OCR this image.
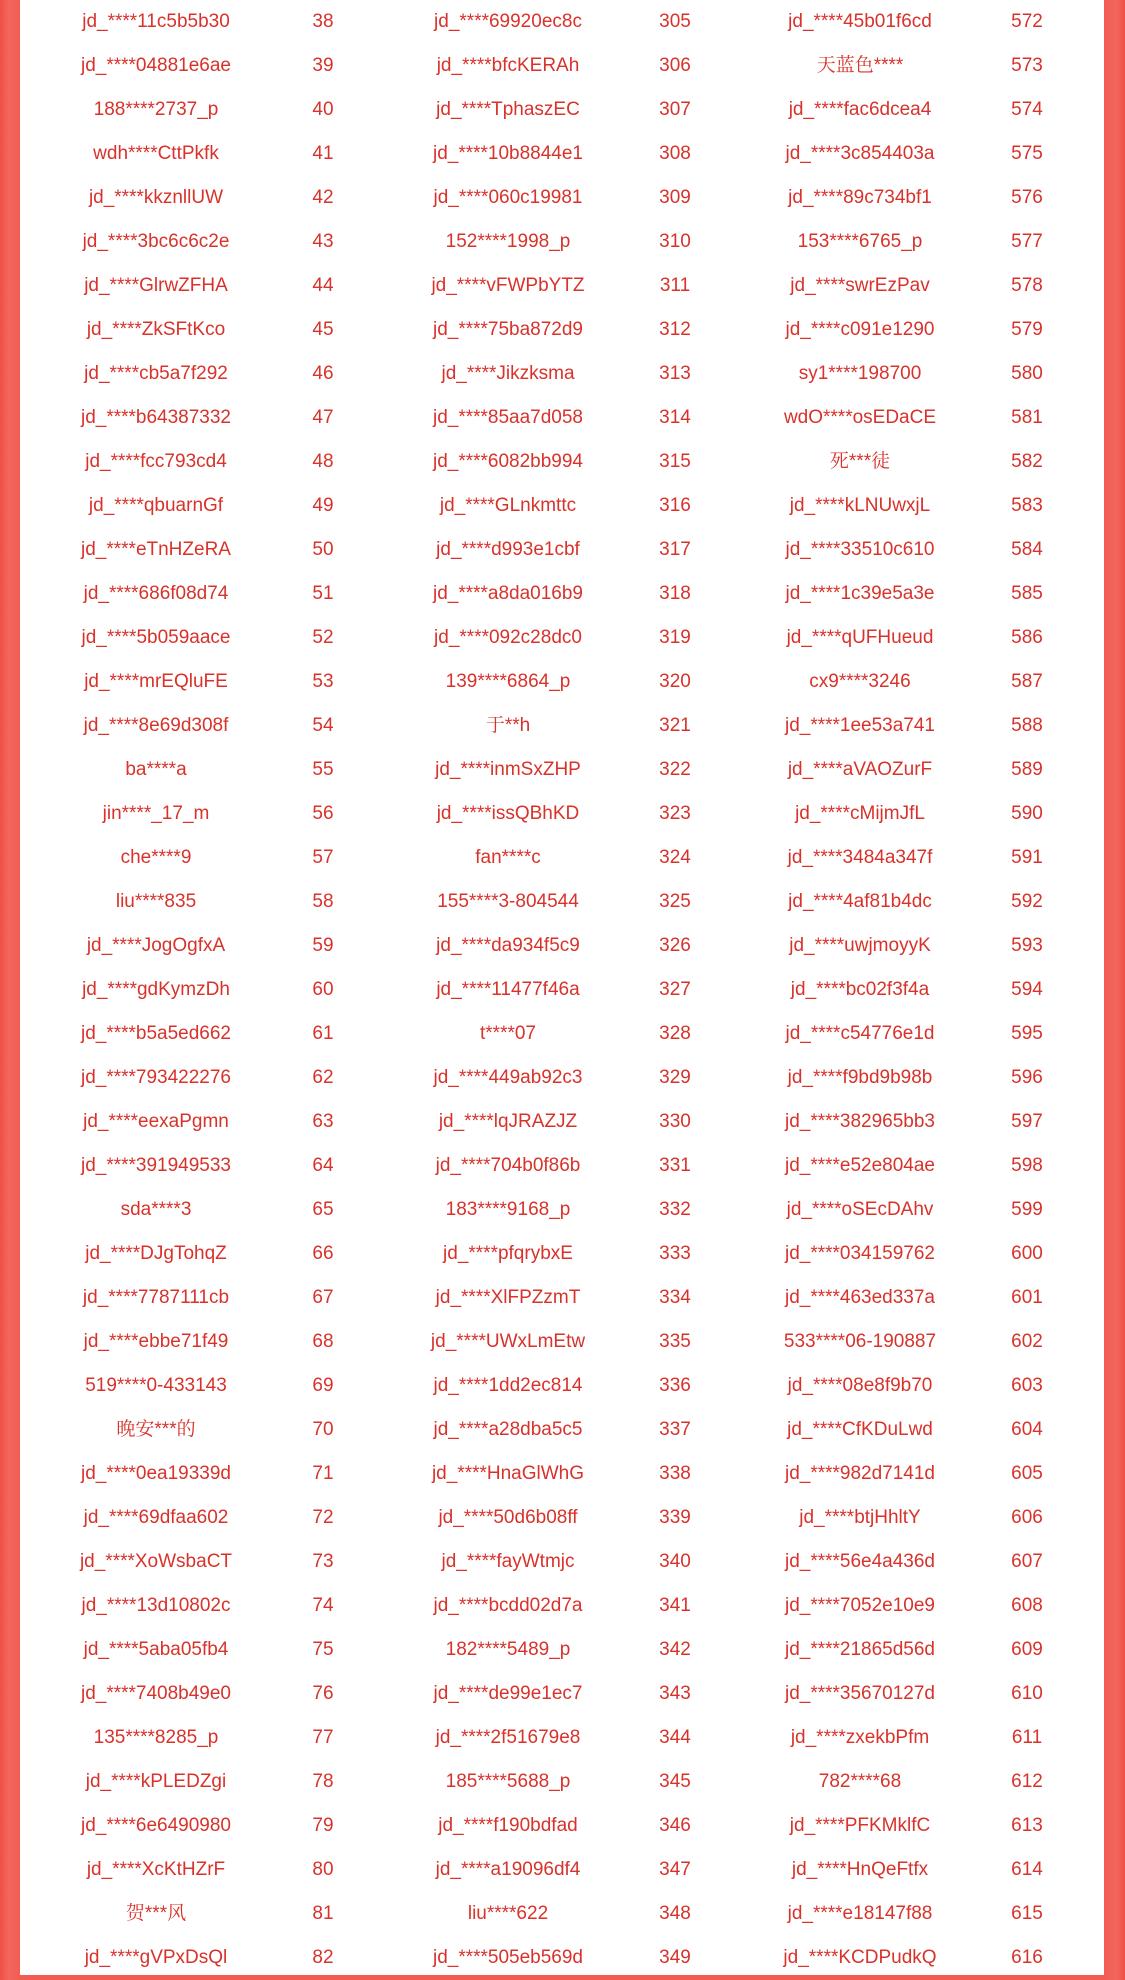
jd_****11c5b5b30	38	jd_****69920ec8c	305	jd_****45b01f6cd	572
jd_****04881e6ae	39	jd_****bfcKERAh	306	天蓝色****	573
188****2737_p	40	jd_****TphaszEC	307	jd_****fac6dcea4	574
wdh****CttPkfk	41	jd_****10b8844e1	308	jd_****3c854403a	575
jd_****kkznllUW	42	jd_****060c19981	309	jd_****89c734bf1	576
jd_****3bc6c6c2e	43	152****1998_p	310	153****6765_p	577
jd_****GlrwZFHA	44	jd_****vFWPbYTZ	311	jd_****swrEzPav	578
jd_****ZkSFtKco	45	jd_****75ba872d9	312	jd_****c091e1290	579
jd_****cb5a7f292	46	jd_****Jikzksma	313	sy1****198700	580
jd_****b64387332	47	jd_****85aa7d058	314	wdO****osEDaCE	581
jd_****fcc793cd4	48	jd_****6082bb994	315	死***徒	582
jd_****qbuarnGf	49	jd_****GLnkmttc	316	jd_****kLNUwxjL	583
jd_****eTnHZeRA	50	jd_****d993e1cbf	317	jd_****33510c610	584
jd_****686f08d74	51	jd_****a8da016b9	318	jd_****1c39e5a3e	585
jd_****5b059aace	52	jd_****092c28dc0	319	jd_****qUFHueud	586
jd_****mrEQluFE	53	139****6864_p	320	cx9****3246	587
jd_****8e69d308f	54	于**h	321	jd_****1ee53a741	588
ba****a	55	jd_****inmSxZHP	322	jd_****aVAOZurF	589
jin****_17_m	56	jd_****issQBhKD	323	jd_****cMijmJfL	590
che****9	57	fan****c	324	jd_****3484a347f	591
liu****835	58	155****3-804544	325	jd_****4af81b4dc	592
jd_****JogOgfxA	59	jd_****da934f5c9	326	jd_****uwjmoyyK	593
jd_****gdKymzDh	60	jd_****11477f46a	327	jd_****bc02f3f4a	594
jd_****b5a5ed662	61	t****07	328	jd_****c54776e1d	595
jd_****793422276	62	jd_****449ab92c3	329	jd_****f9bd9b98b	596
jd_****eexaPgmn	63	jd_****lqJRAZJZ	330	jd_****382965bb3	597
jd_****391949533	64	jd_****704b0f86b	331	jd_****e52e804ae	598
sda****3	65	183****9168_p	332	jd_****oSEcDAhv	599
jd_****DJgTohqZ	66	jd_****pfqrybxE	333	jd_****034159762	600
jd_****7787111cb	67	jd_****XlFPZzmT	334	jd_****463ed337a	601
jd_****ebbe71f49	68	jd_****UWxLmEtw	335	533****06-190887	602
519****0-433143	69	jd_****1dd2ec814	336	jd_****08e8f9b70	603
晚安***的	70	jd_****a28dba5c5	337	jd_****CfKDuLwd	604
jd_****0ea19339d	71	jd_****HnaGlWhG	338	jd_****982d7141d	605
jd_****69dfaa602	72	jd_****50d6b08ff	339	jd_****btjHhltY	606
jd_****XoWsbaCT	73	jd_****fayWtmjc	340	jd_****56e4a436d	607
jd_****13d10802c	74	jd_****bcdd02d7a	341	jd_****7052e10e9	608
jd_****5aba05fb4	75	182****5489_p	342	jd_****21865d56d	609
jd_****7408b49e0	76	jd_****de99e1ec7	343	jd_****35670127d	610
135****8285_p	77	jd_****2f51679e8	344	jd_****zxekbPfm	611
jd_****kPLEDZgi	78	185****5688_p	345	782****68	612
jd_****6e6490980	79	jd_****f190bdfad	346	jd_****PFKMklfC	613
jd_****XcKtHZrF	80	jd_****a19096df4	347	jd_****HnQeFtfx	614
贺***风	81	liu****622	348	jd_****e18147f88	615
jd_****gVPxDsQl	82	jd_****505eb569d	349	jd_****KCDPudkQ	616
